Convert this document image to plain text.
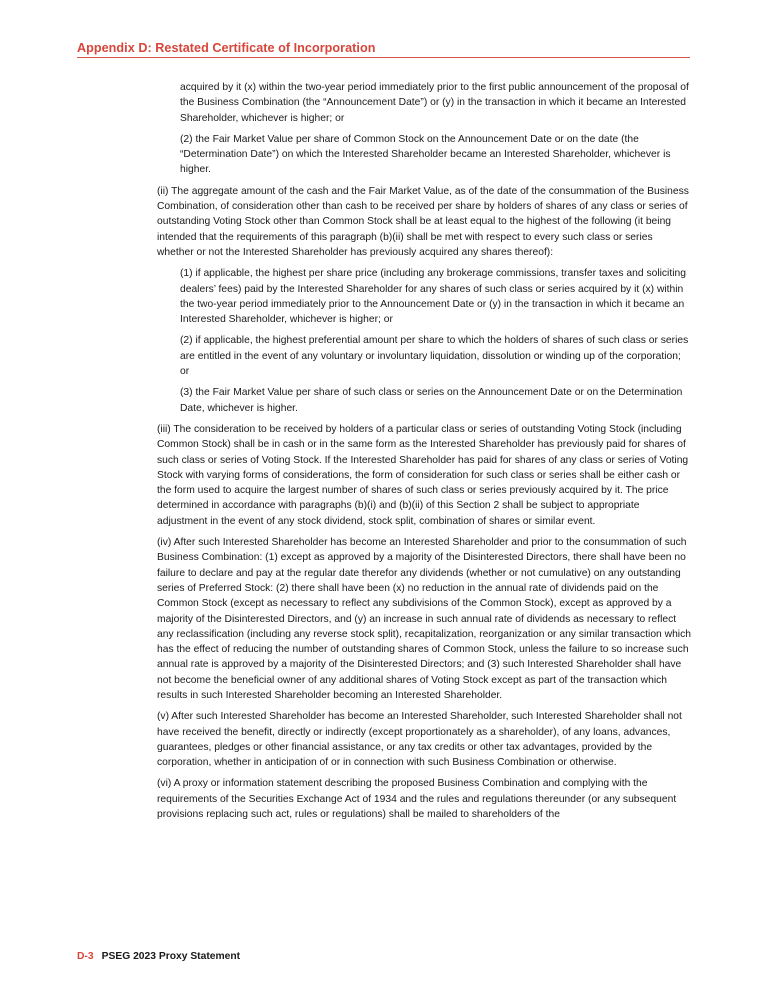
Appendix D: Restated Certificate of Incorporation

acquired by it (x) within the two-year period immediately prior to the first public announcement of the proposal of the Business Combination (the “Announcement Date”) or (y) in the transaction in which it became an Interested Shareholder, whichever is higher; or

(2) the Fair Market Value per share of Common Stock on the Announcement Date or on the date (the “Determination Date”) on which the Interested Shareholder became an Interested Shareholder, whichever is higher.

(ii) The aggregate amount of the cash and the Fair Market Value, as of the date of the consummation of the Business Combination, of consideration other than cash to be received per share by holders of shares of any class or series of outstanding Voting Stock other than Common Stock shall be at least equal to the highest of the following (it being intended that the requirements of this paragraph (b)(ii) shall be met with respect to every such class or series whether or not the Interested Shareholder has previously acquired any shares thereof):

(1) if applicable, the highest per share price (including any brokerage commissions, transfer taxes and soliciting dealers’ fees) paid by the Interested Shareholder for any shares of such class or series acquired by it (x) within the two-year period immediately prior to the Announcement Date or (y) in the transaction in which it became an Interested Shareholder, whichever is higher; or

(2) if applicable, the highest preferential amount per share to which the holders of shares of such class or series are entitled in the event of any voluntary or involuntary liquidation, dissolution or winding up of the corporation; or

(3) the Fair Market Value per share of such class or series on the Announcement Date or on the Determination Date, whichever is higher.

(iii) The consideration to be received by holders of a particular class or series of outstanding Voting Stock (including Common Stock) shall be in cash or in the same form as the Interested Shareholder has previously paid for shares of such class or series of Voting Stock. If the Interested Shareholder has paid for shares of any class or series of Voting Stock with varying forms of considerations, the form of consideration for such class or series shall be either cash or the form used to acquire the largest number of shares of such class or series previously acquired by it. The price determined in accordance with paragraphs (b)(i) and (b)(ii) of this Section 2 shall be subject to appropriate adjustment in the event of any stock dividend, stock split, combination of shares or similar event.

(iv) After such Interested Shareholder has become an Interested Shareholder and prior to the consummation of such Business Combination: (1) except as approved by a majority of the Disinterested Directors, there shall have been no failure to declare and pay at the regular date therefor any dividends (whether or not cumulative) on any outstanding series of Preferred Stock: (2) there shall have been (x) no reduction in the annual rate of dividends paid on the Common Stock (except as necessary to reflect any subdivisions of the Common Stock), except as approved by a majority of the Disinterested Directors, and (y) an increase in such annual rate of dividends as necessary to reflect any reclassification (including any reverse stock split), recapitalization, reorganization or any similar transaction which has the effect of reducing the number of outstanding shares of Common Stock, unless the failure to so increase such annual rate is approved by a majority of the Disinterested Directors; and (3) such Interested Shareholder shall have not become the beneficial owner of any additional shares of Voting Stock except as part of the transaction which results in such Interested Shareholder becoming an Interested Shareholder.

(v) After such Interested Shareholder has become an Interested Shareholder, such Interested Shareholder shall not have received the benefit, directly or indirectly (except proportionately as a shareholder), of any loans, advances, guarantees, pledges or other financial assistance, or any tax credits or other tax advantages, provided by the corporation, whether in anticipation of or in connection with such Business Combination or otherwise.

(vi) A proxy or information statement describing the proposed Business Combination and complying with the requirements of the Securities Exchange Act of 1934 and the rules and regulations thereunder (or any subsequent provisions replacing such act, rules or regulations) shall be mailed to shareholders of the

D-3 PSEG 2023 Proxy Statement
